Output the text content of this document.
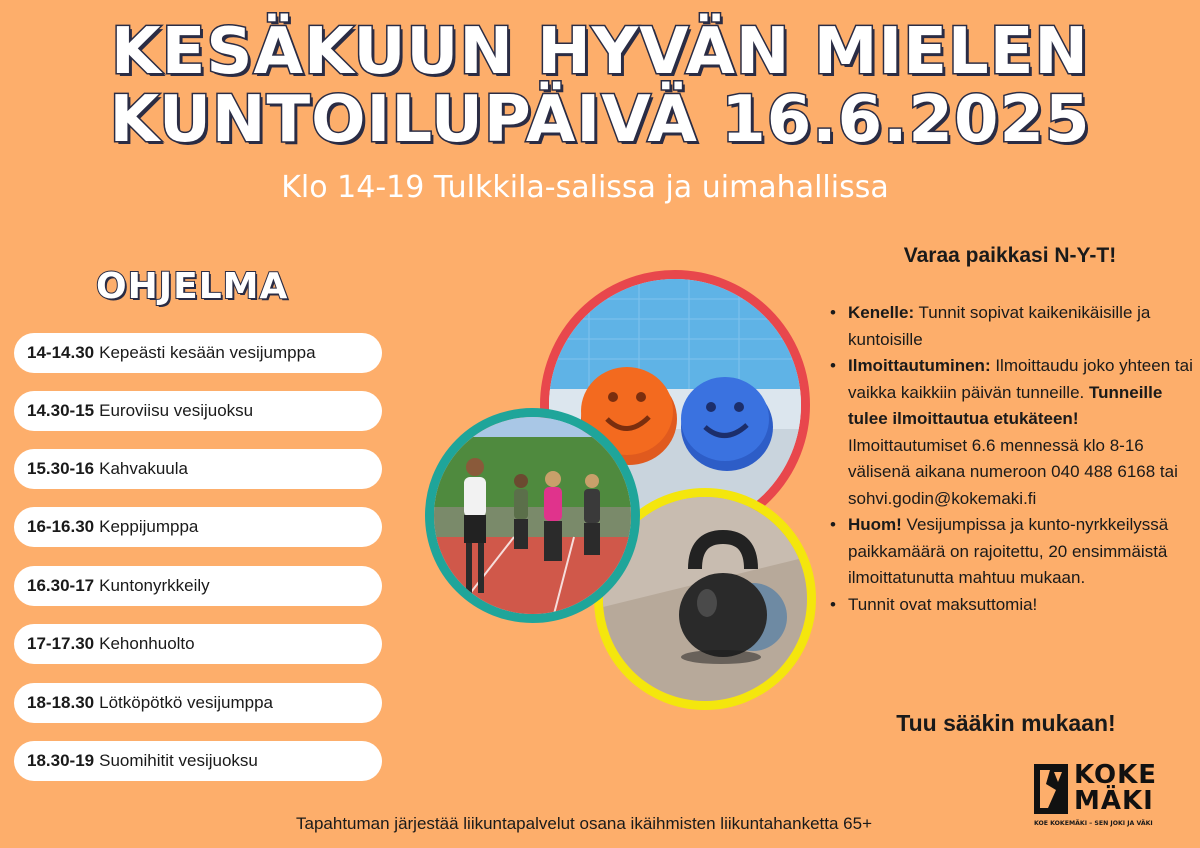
KESÄKUUN HYVÄN MIELEN
KUNTOILUPÄIVÄ 16.6.2025
Klo 14-19 Tulkkila-salissa ja uimahallissa
OHJELMA
14-14.30 Kepeästi kesään vesijumppa
14.30-15 Euroviisu vesijuoksu
15.30-16 Kahvakuula
16-16.30 Keppijumppa
16.30-17 Kuntonyrkkeily
17-17.30 Kehonhuolto
18-18.30 Lötköpötkö vesijumppa
18.30-19 Suomihitit vesijuoksu
Varaa paikkasi N-Y-T!
• Kenelle: Tunnit sopivat kaikenikäisille ja kuntoisille
• Ilmoittautuminen: Ilmoittaudu joko yhteen tai vaikka kaikkiin päivän tunneille. Tunneille tulee ilmoittautua etukäteen! Ilmoittautumiset 6.6 mennessä klo 8-16 välisenä aikana numeroon 040 488 6168 tai sohvi.godin@kokemaki.fi
• Huom! Vesijumpissa ja kunto-nyrkkeilyssä paikkamäärä on rajoitettu, 20 ensimmäistä ilmoittatunutta mahtuu mukaan.
• Tunnit ovat maksuttomia!
Tuu sääkin mukaan!
Tapahtuman järjestää liikuntapalvelut osana ikäihmisten liikuntahanketta 65+
KOKE
MÄKI
KOE KOKEMÄKI – SEN JOKI JA VÄKI
